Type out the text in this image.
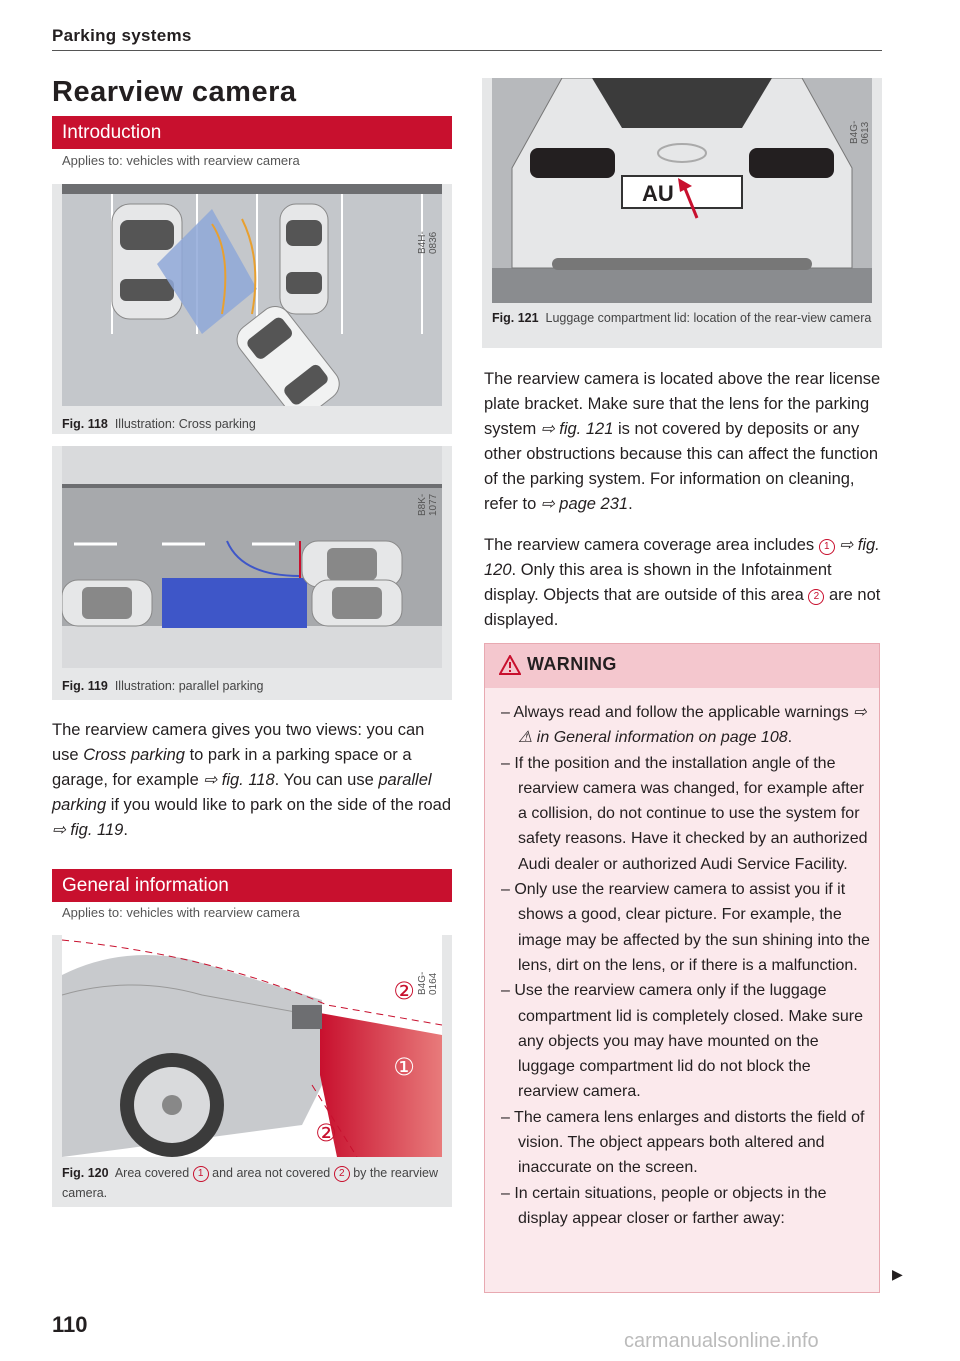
Parking systems
Rearview camera
Introduction
Applies to: vehicles with rearview camera
B4H-0836
Fig. 118 Illustration: Cross parking
B8K-1077
Fig. 119 Illustration: parallel parking
The rearview camera gives you two views: you can use Cross parking to park in a parking space or a garage, for example ⇨ fig. 118. You can use parallel parking if you would like to park on the side of the road ⇨ fig. 119.
General information
Applies to: vehicles with rearview camera
②
①
②
B4G-0164
Fig. 120 Area covered 1 and area not covered 2 by the rearview camera.
110
AU
B4G-0613
Fig. 121 Luggage compartment lid: location of the rear-view camera
The rearview camera is located above the rear license plate bracket. Make sure that the lens for the parking system ⇨ fig. 121 is not covered by deposits or any other obstructions because this can affect the function of the parking system. For information on cleaning, refer to ⇨ page 231.
The rearview camera coverage area includes 1 ⇨ fig. 120. Only this area is shown in the Infotainment display. Objects that are outside of this area 2 are not displayed.
WARNING
– Always read and follow the applicable warnings ⇨ ⚠ in General information on page 108.
– If the position and the installation angle of the rearview camera was changed, for example after a collision, do not continue to use the system for safety reasons. Have it checked by an authorized Audi dealer or authorized Audi Service Facility.
– Only use the rearview camera to assist you if it shows a good, clear picture. For example, the image may be affected by the sun shining into the lens, dirt on the lens, or if there is a malfunction.
– Use the rearview camera only if the luggage compartment lid is completely closed. Make sure any objects you may have mounted on the luggage compartment lid do not block the rearview camera.
– The camera lens enlarges and distorts the field of vision. The object appears both altered and inaccurate on the screen.
– In certain situations, people or objects in the display appear closer or farther away:
▶
carmanualsonline.info
